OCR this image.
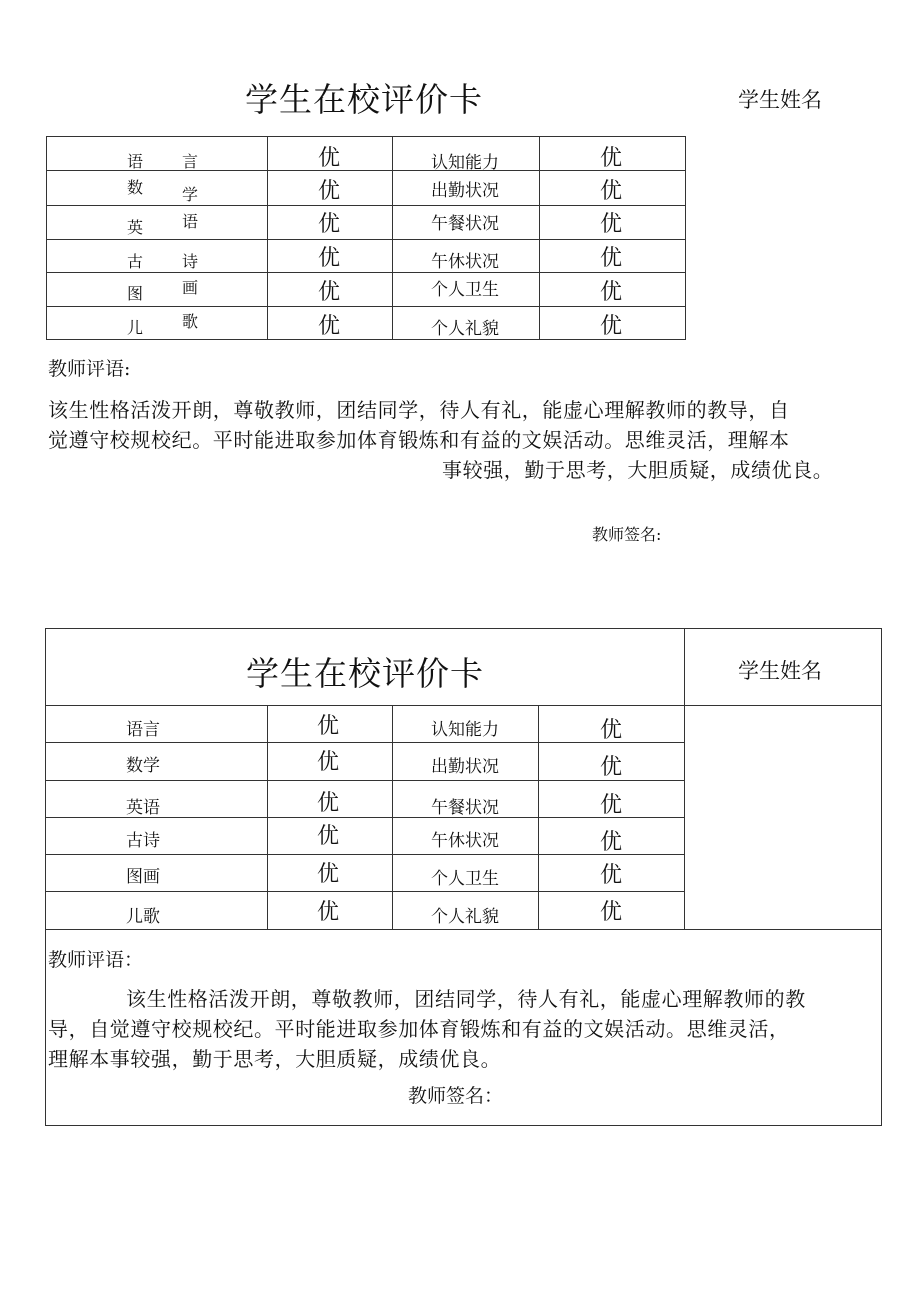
学生在校评价卡	学生姓名
语 言	优	认知能力	优
数 学	优	出勤状况	优
英 语	优	午餐状况	优
古 诗	优	午休状况	优
图 画	优	个人卫生	优
儿 歌	优	个人礼貌	优
教师评语:
该生性格活泼开朗，尊敬教师，团结同学，待人有礼，能虚心理解教师的教导，自
觉遵守校规校纪。平时能进取参加体育锻炼和有益的文娱活动。思维灵活，理解本
事较强，勤于思考，大胆质疑，成绩优良。
教师签名:
学生在校评价卡	学生姓名
语言	优	认知能力	优
数学	优	出勤状况	优
英语	优	午餐状况	优
古诗	优	午休状况	优
图画	优	个人卫生	优
儿歌	优	个人礼貌	优
教师评语：
该生性格活泼开朗，尊敬教师，团结同学，待人有礼，能虚心理解教师的教
导，自觉遵守校规校纪。平时能进取参加体育锻炼和有益的文娱活动。思维灵活，
理解本事较强，勤于思考，大胆质疑，成绩优良。
教师签名：
